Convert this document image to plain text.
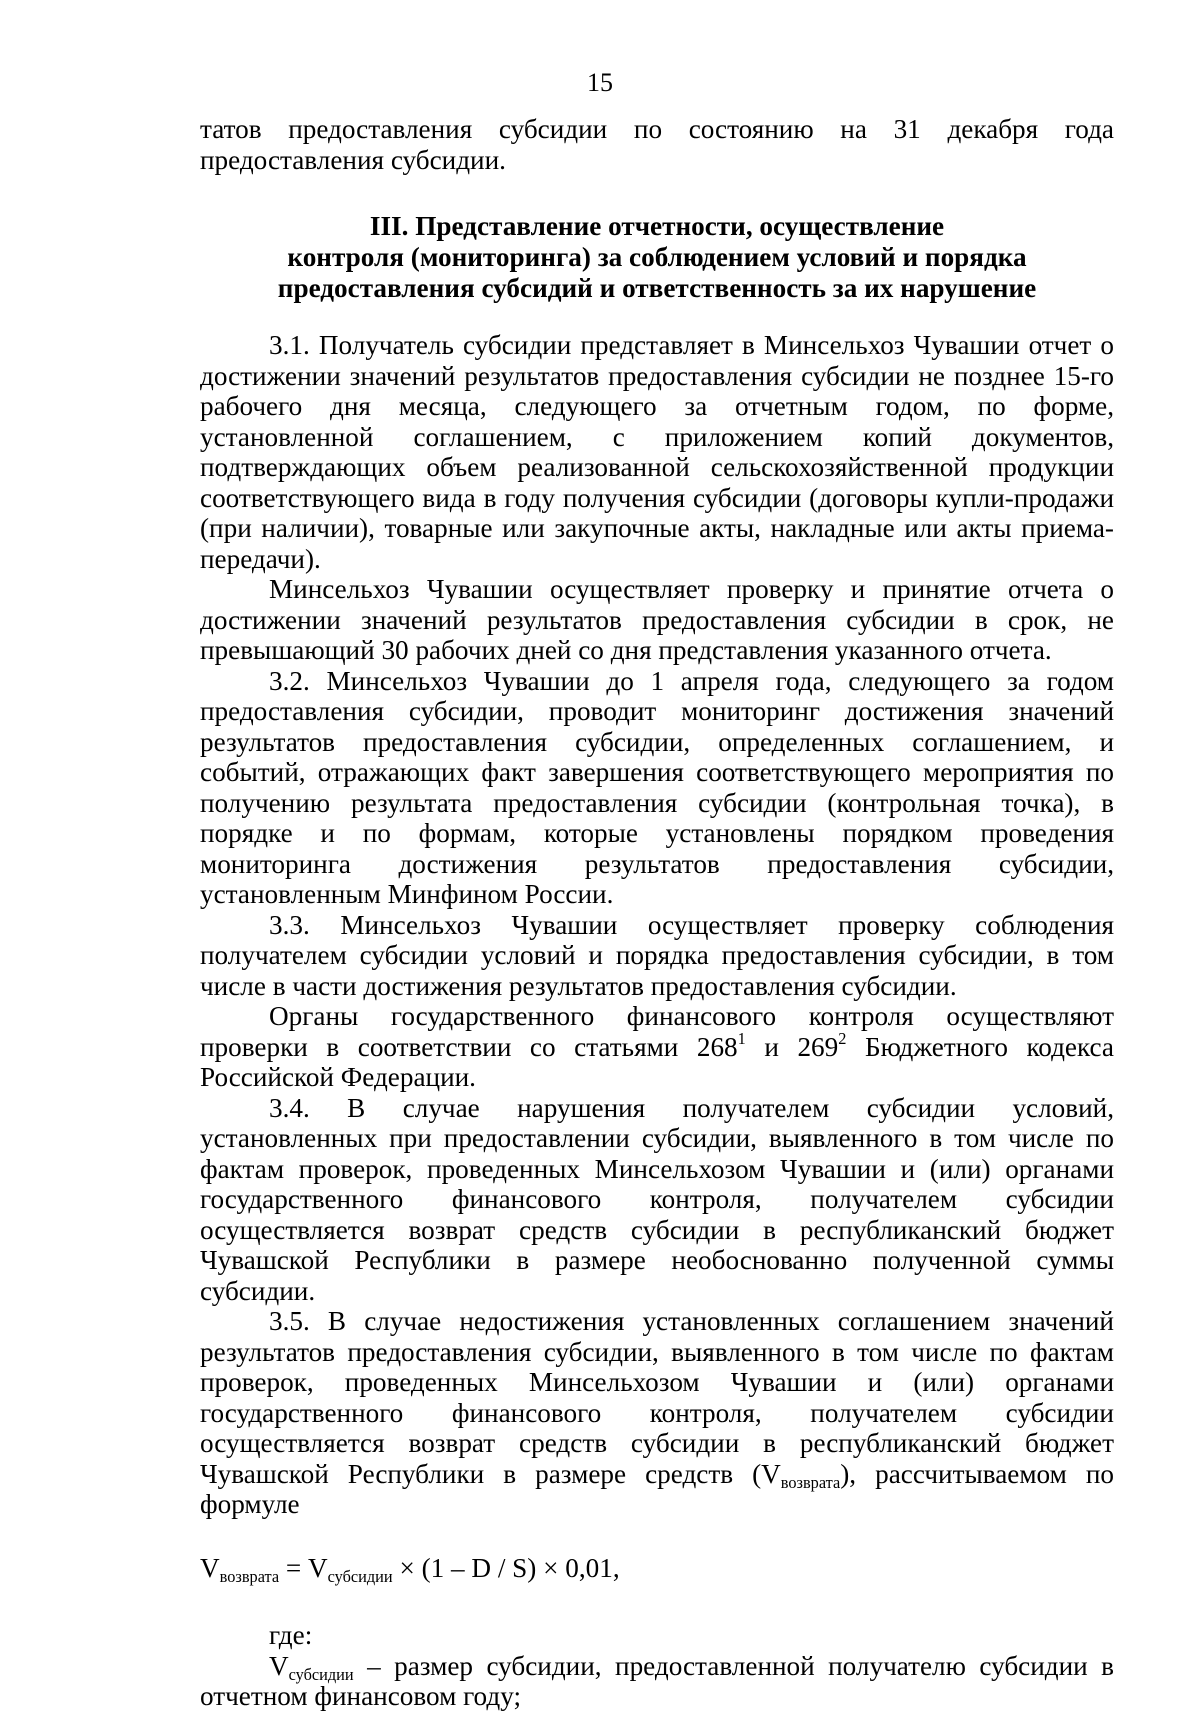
15

татов предоставления субсидии по состоянию на 31 декабря года предоставления субсидии.

III. Представление отчетности, осуществление
контроля (мониторинга) за соблюдением условий и порядка
предоставления субсидий и ответственность за их нарушение

3.1. Получатель субсидии представляет в Минсельхоз Чувашии отчет о достижении значений результатов предоставления субсидии не позднее 15-го рабочего дня месяца, следующего за отчетным годом, по форме, установленной соглашением, с приложением копий документов, подтверждающих объем реализованной сельскохозяйственной продукции соответствующего вида в году получения субсидии (договоры купли-продажи (при наличии), товарные или закупочные акты, накладные или акты приема-передачи).

Минсельхоз Чувашии осуществляет проверку и принятие отчета о достижении значений результатов предоставления субсидии в срок, не превышающий 30 рабочих дней со дня представления указанного отчета.

3.2. Минсельхоз Чувашии до 1 апреля года, следующего за годом предоставления субсидии, проводит мониторинг достижения значений результатов предоставления субсидии, определенных соглашением, и событий, отражающих факт завершения соответствующего мероприятия по получению результата предоставления субсидии (контрольная точка), в порядке и по формам, которые установлены порядком проведения мониторинга достижения результатов предоставления субсидии, установленным Минфином России.

3.3. Минсельхоз Чувашии осуществляет проверку соблюдения получателем субсидии условий и порядка предоставления субсидии, в том числе в части достижения результатов предоставления субсидии.

Органы государственного финансового контроля осуществляют проверки в соответствии со статьями $268^1$ и $269^2$ Бюджетного кодекса Российской Федерации.

3.4. В случае нарушения получателем субсидии условий, установленных при предоставлении субсидии, выявленного в том числе по фактам проверок, проведенных Минсельхозом Чувашии и (или) органами государственного финансового контроля, получателем субсидии осуществляется возврат средств субсидии в республиканский бюджет Чувашской Республики в размере необоснованно полученной суммы субсидии.

3.5. В случае недостижения установленных соглашением значений результатов предоставления субсидии, выявленного в том числе по фактам проверок, проведенных Минсельхозом Чувашии и (или) органами государственного финансового контроля, получателем субсидии осуществляется возврат средств субсидии в республиканский бюджет Чувашской Республики в размере средств $(V_{возврата})$, рассчитываемом по формуле

$V_{возврата} = V_{субсидии} \times (1 - D / S) \times 0,01$,

где:

$V_{субсидии}$ – размер субсидии, предоставленной получателю субсидии в отчетном финансовом году;
